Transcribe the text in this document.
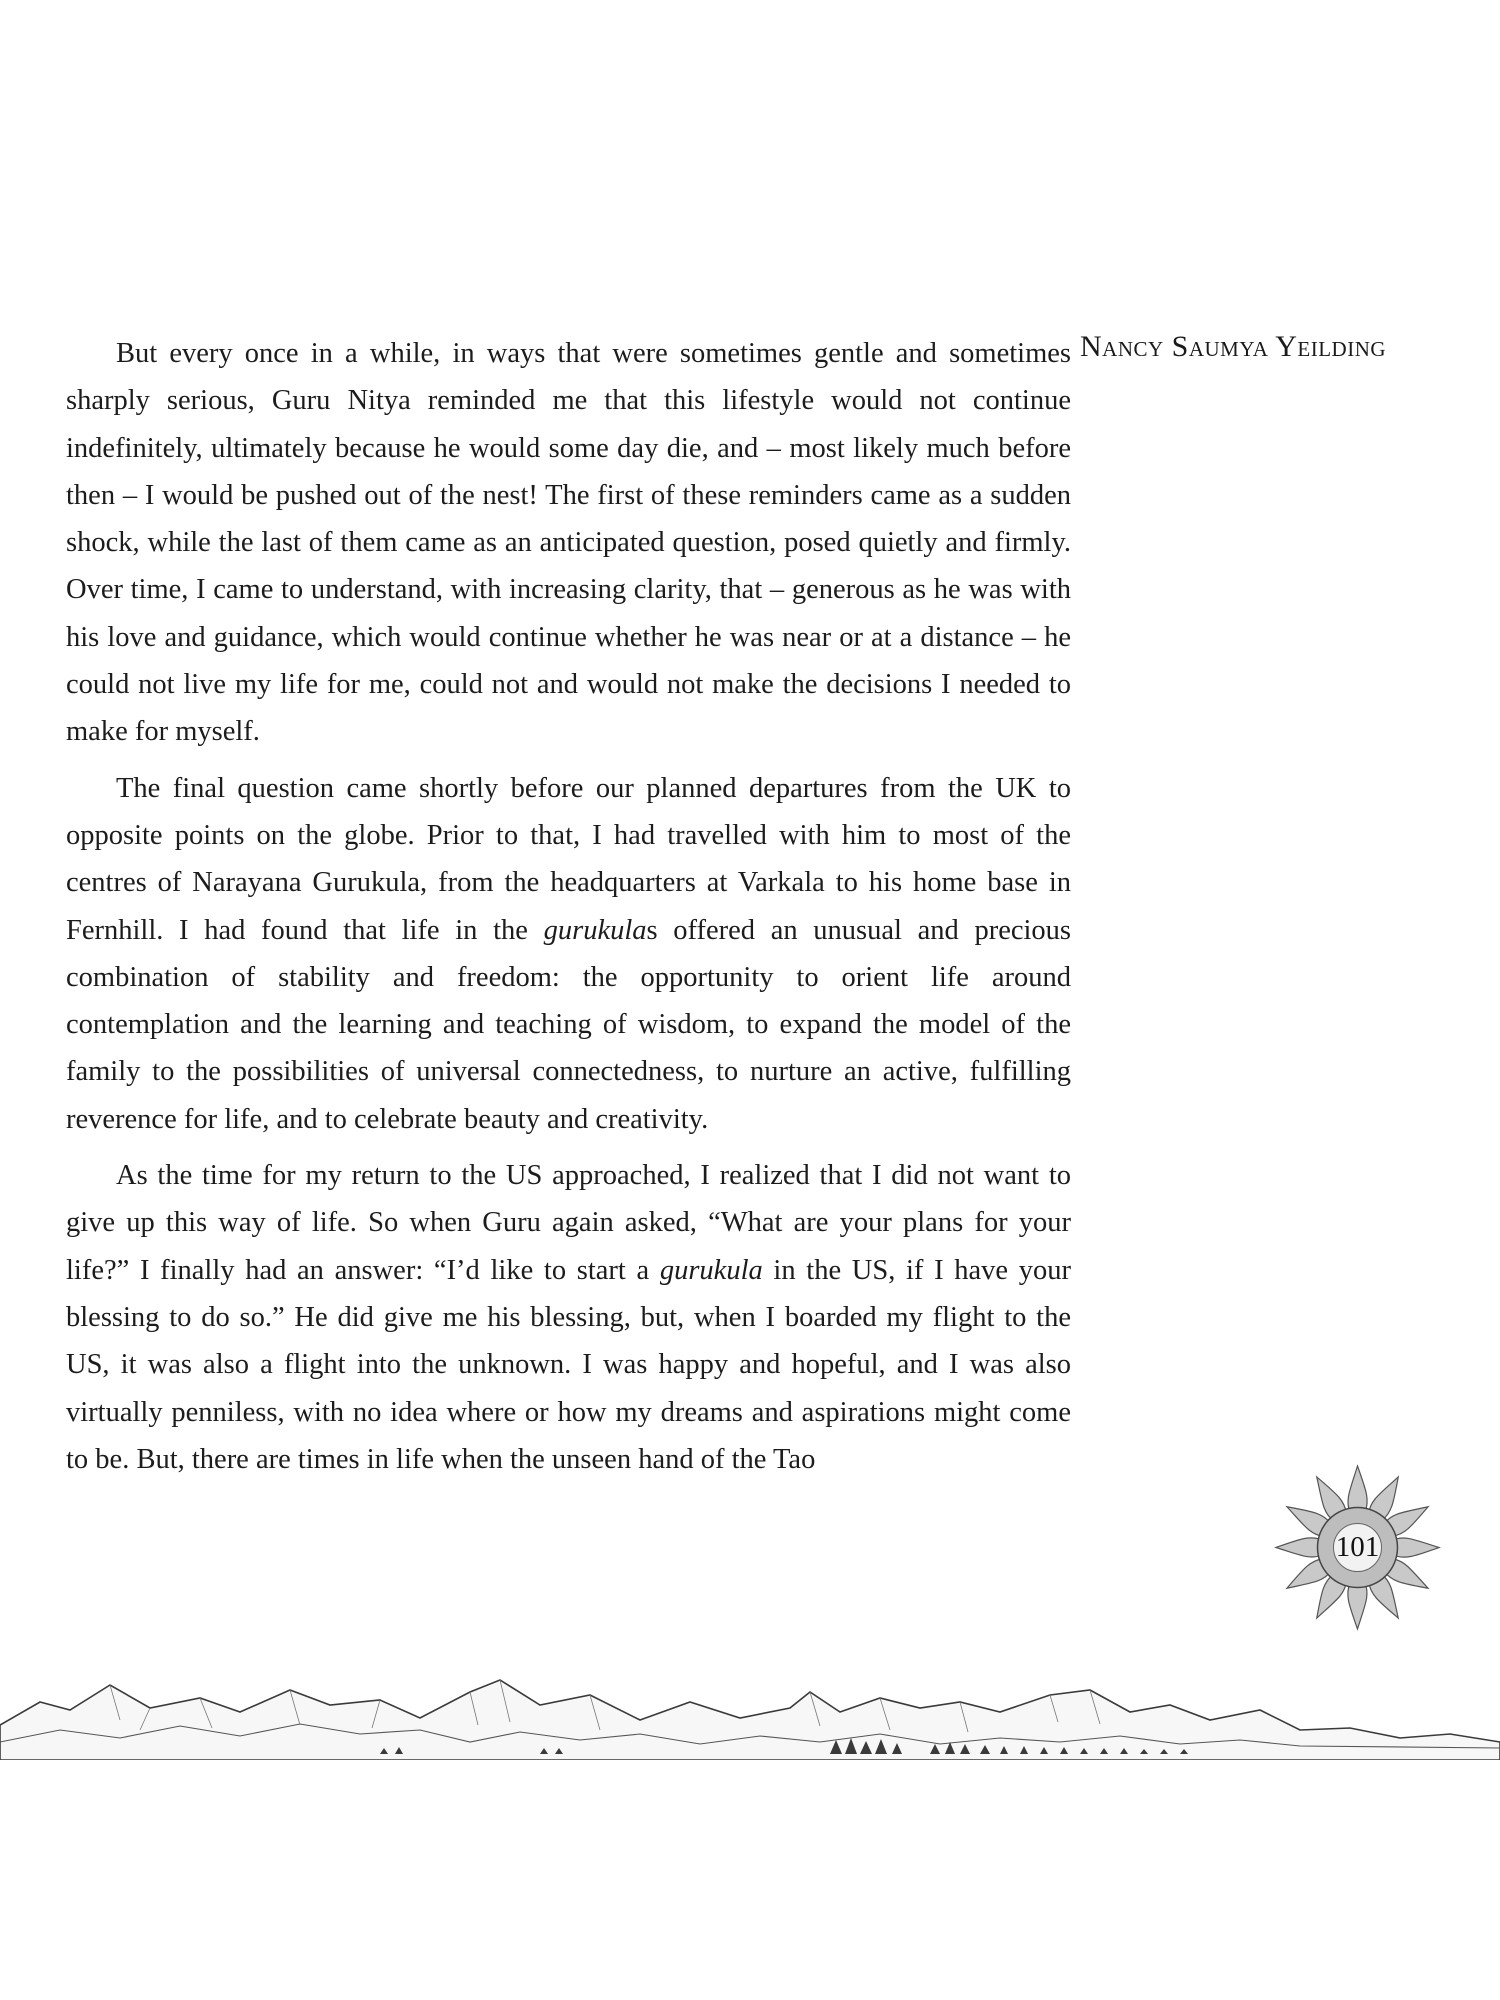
Nancy Saumya Yeilding

But every once in a while, in ways that were sometimes gentle and sometimes sharply serious, Guru Nitya reminded me that this lifestyle would not continue indefinitely, ultimately because he would some day die, and – most likely much before then – I would be pushed out of the nest! The first of these reminders came as a sudden shock, while the last of them came as an anticipated question, posed quietly and firmly. Over time, I came to understand, with increasing clarity, that – generous as he was with his love and guidance, which would continue whether he was near or at a distance – he could not live my life for me, could not and would not make the decisions I needed to make for myself.

The final question came shortly before our planned departures from the UK to opposite points on the globe. Prior to that, I had travelled with him to most of the centres of Narayana Gurukula, from the headquarters at Varkala to his home base in Fernhill. I had found that life in the gurukulas offered an unusual and precious combination of stability and freedom: the opportunity to orient life around contemplation and the learning and teaching of wisdom, to expand the model of the family to the possibilities of universal connectedness, to nurture an active, fulfilling reverence for life, and to celebrate beauty and creativity.

As the time for my return to the US approached, I realized that I did not want to give up this way of life. So when Guru again asked, “What are your plans for your life?” I finally had an answer: “I’d like to start a gurukula in the US, if I have your blessing to do so.” He did give me his blessing, but, when I boarded my flight to the US, it was also a flight into the unknown. I was happy and hopeful, and I was also virtually penniless, with no idea where or how my dreams and aspirations might come to be. But, there are times in life when the unseen hand of the Tao

101
